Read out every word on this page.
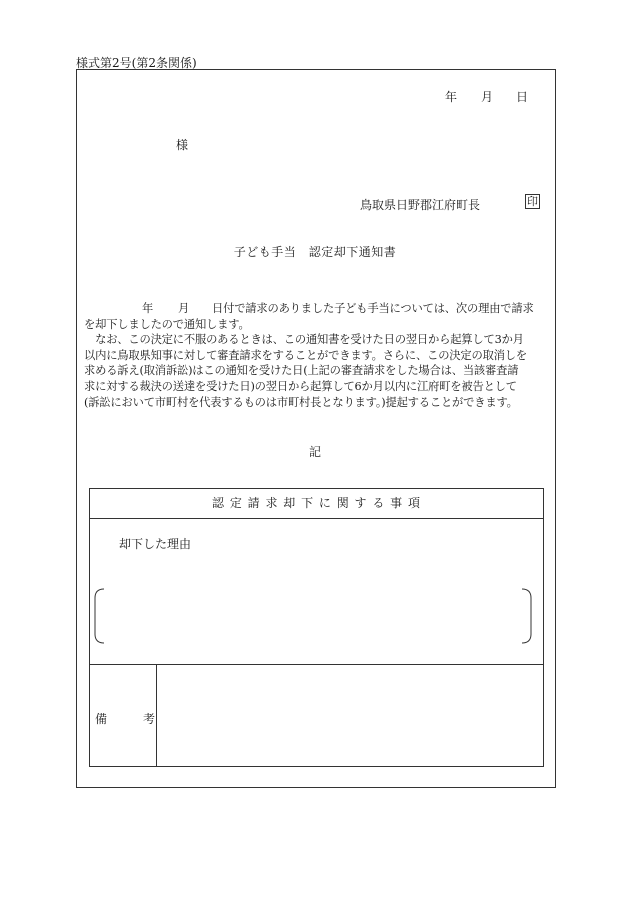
様式第2号(第2条関係)
年 月 日
様
鳥取県日野郡江府町長	印
子ども手当　認定却下通知書
年 月 日付で請求のありました子ども手当については、次の理由で請求
を却下しましたので通知します。
　なお、この決定に不服のあるときは、この通知書を受けた日の翌日から起算して3か月
以内に鳥取県知事に対して審査請求をすることができます。さらに、この決定の取消しを
求める訴え(取消訴訟)はこの通知を受けた日(上記の審査請求をした場合は、当該審査請
求に対する裁決の送達を受けた日)の翌日から起算して6か月以内に江府町を被告として
(訴訟において市町村を代表するものは市町村長となります。)提起することができます。
記
認 定 請 求 却 下 に 関 す る 事 項
却下した理由
備	考
